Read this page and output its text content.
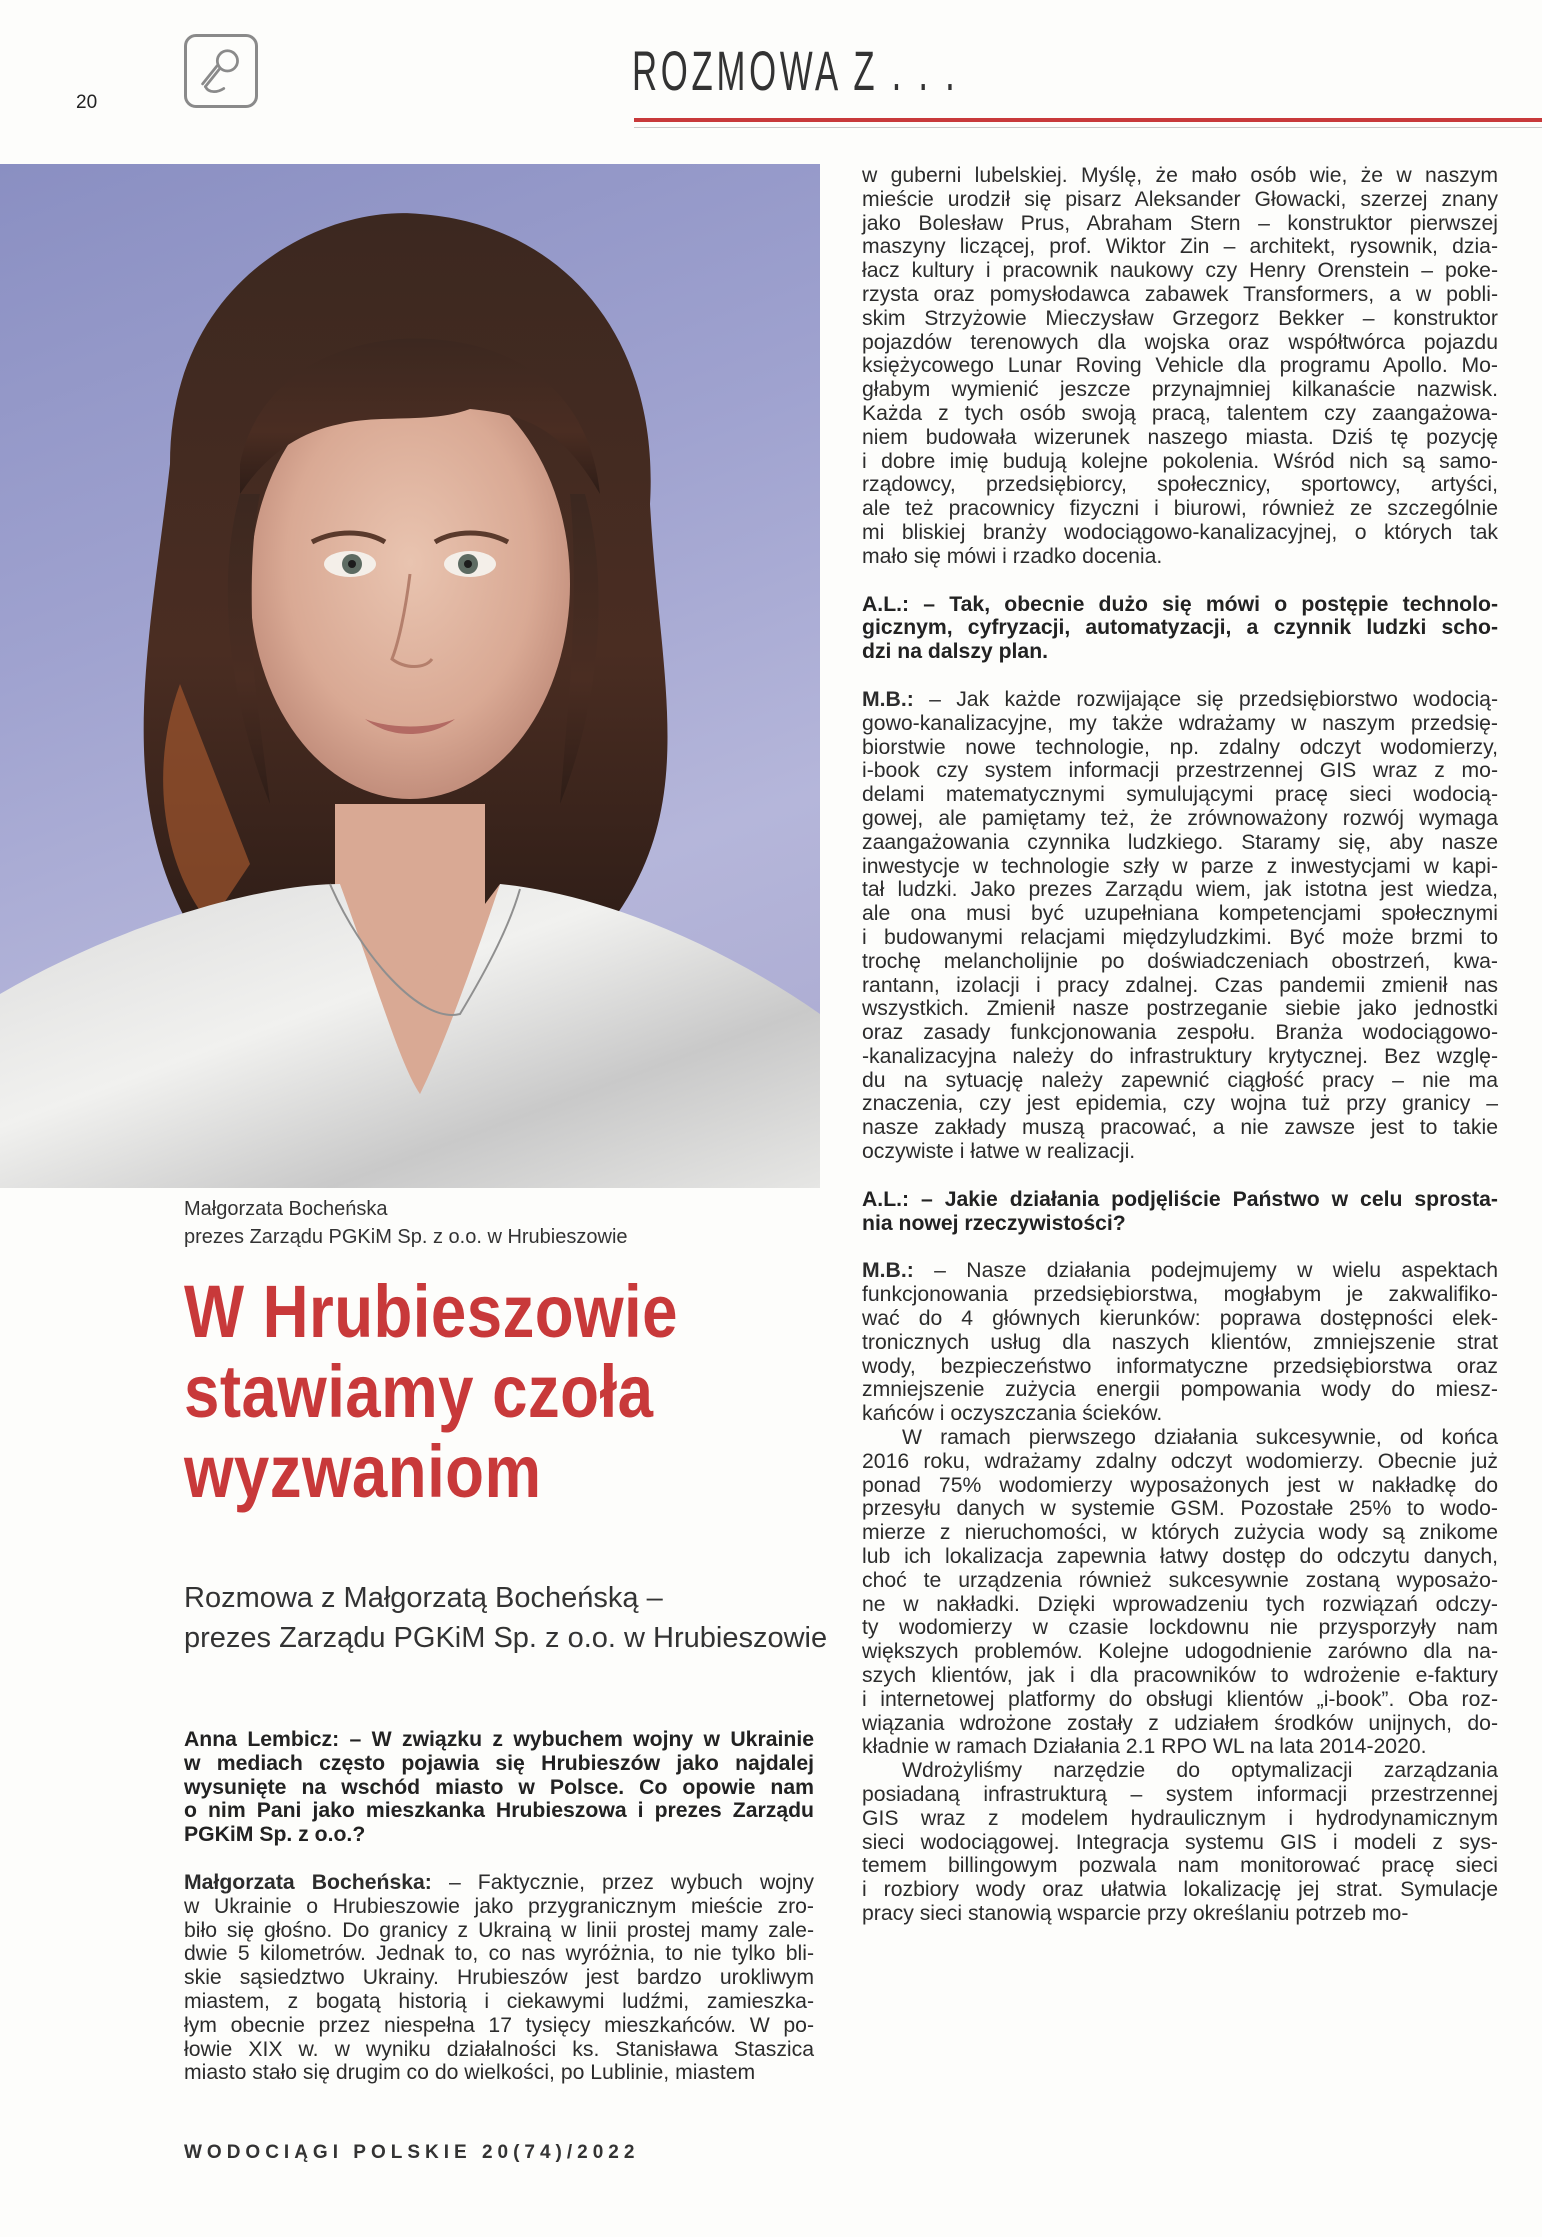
20
ROZMOWA Z . . .
Małgorzata Bocheńska
prezes Zarządu PGKiM Sp. z o.o. w Hrubieszowie
W Hrubieszowie
stawiamy czoła
wyzwaniom
Rozmowa z Małgorzatą Bocheńską –
prezes Zarządu PGKiM Sp. z o.o. w Hrubieszowie

Anna Lembicz: – W związku z wybuchem wojny w Ukrainie
w mediach często pojawia się Hrubieszów jako najdalej
wysunięte na wschód miasto w Polsce. Co opowie nam
o nim Pani jako mieszkanka Hrubieszowa i prezes Zarządu
PGKiM Sp. z o.o.?

Małgorzata Bocheńska: – Faktycznie, przez wybuch wojny
w Ukrainie o Hrubieszowie jako przygranicznym mieście zro-
biło się głośno. Do granicy z Ukrainą w linii prostej mamy zale-
dwie 5 kilometrów. Jednak to, co nas wyróżnia, to nie tylko bli-
skie sąsiedztwo Ukrainy. Hrubieszów jest bardzo urokliwym
miastem, z bogatą historią i ciekawymi ludźmi, zamieszka-
łym obecnie przez niespełna 17 tysięcy mieszkańców. W po-
łowie XIX w. w wyniku działalności ks. Stanisława Staszica
miasto stało się drugim co do wielkości, po Lublinie, miastem

w guberni lubelskiej. Myślę, że mało osób wie, że w naszym
mieście urodził się pisarz Aleksander Głowacki, szerzej znany
jako Bolesław Prus, Abraham Stern – konstruktor pierwszej
maszyny liczącej, prof. Wiktor Zin – architekt, rysownik, dzia-
łacz kultury i pracownik naukowy czy Henry Orenstein – poke-
rzysta oraz pomysłodawca zabawek Transformers, a w pobli-
skim Strzyżowie Mieczysław Grzegorz Bekker – konstruktor
pojazdów terenowych dla wojska oraz współtwórca pojazdu
księżycowego Lunar Roving Vehicle dla programu Apollo. Mo-
głabym wymienić jeszcze przynajmniej kilkanaście nazwisk.
Każda z tych osób swoją pracą, talentem czy zaangażowa-
niem budowała wizerunek naszego miasta. Dziś tę pozycję
i dobre imię budują kolejne pokolenia. Wśród nich są samo-
rządowcy, przedsiębiorcy, społecznicy, sportowcy, artyści,
ale też pracownicy fizyczni i biurowi, również ze szczególnie
mi bliskiej branży wodociągowo-kanalizacyjnej, o których tak
mało się mówi i rzadko docenia.

A.L.: – Tak, obecnie dużo się mówi o postępie technolo-
gicznym, cyfryzacji, automatyzacji, a czynnik ludzki scho-
dzi na dalszy plan.

M.B.: – Jak każde rozwijające się przedsiębiorstwo wodocią-
gowo-kanalizacyjne, my także wdrażamy w naszym przedsię-
biorstwie nowe technologie, np. zdalny odczyt wodomierzy,
i-book czy system informacji przestrzennej GIS wraz z mo-
delami matematycznymi symulującymi pracę sieci wodocią-
gowej, ale pamiętamy też, że zrównoważony rozwój wymaga
zaangażowania czynnika ludzkiego. Staramy się, aby nasze
inwestycje w technologie szły w parze z inwestycjami w kapi-
tał ludzki. Jako prezes Zarządu wiem, jak istotna jest wiedza,
ale ona musi być uzupełniana kompetencjami społecznymi
i budowanymi relacjami międzyludzkimi. Być może brzmi to
trochę melancholijnie po doświadczeniach obostrzeń, kwa-
rantann, izolacji i pracy zdalnej. Czas pandemii zmienił nas
wszystkich. Zmienił nasze postrzeganie siebie jako jednostki
oraz zasady funkcjonowania zespołu. Branża wodociągowo-
-kanalizacyjna należy do infrastruktury krytycznej. Bez wzglę-
du na sytuację należy zapewnić ciągłość pracy – nie ma
znaczenia, czy jest epidemia, czy wojna tuż przy granicy –
nasze zakłady muszą pracować, a nie zawsze jest to takie
oczywiste i łatwe w realizacji.

A.L.: – Jakie działania podjęliście Państwo w celu sprosta-
nia nowej rzeczywistości?

M.B.: – Nasze działania podejmujemy w wielu aspektach
funkcjonowania przedsiębiorstwa, mogłabym je zakwalifiko-
wać do 4 głównych kierunków: poprawa dostępności elek-
tronicznych usług dla naszych klientów, zmniejszenie strat
wody, bezpieczeństwo informatyczne przedsiębiorstwa oraz
zmniejszenie zużycia energii pompowania wody do miesz-
kańców i oczyszczania ścieków.
W ramach pierwszego działania sukcesywnie, od końca
2016 roku, wdrażamy zdalny odczyt wodomierzy. Obecnie już
ponad 75% wodomierzy wyposażonych jest w nakładkę do
przesyłu danych w systemie GSM. Pozostałe 25% to wodo-
mierze z nieruchomości, w których zużycia wody są znikome
lub ich lokalizacja zapewnia łatwy dostęp do odczytu danych,
choć te urządzenia również sukcesywnie zostaną wyposażo-
ne w nakładki. Dzięki wprowadzeniu tych rozwiązań odczy-
ty wodomierzy w czasie lockdownu nie przysporzyły nam
większych problemów. Kolejne udogodnienie zarówno dla na-
szych klientów, jak i dla pracowników to wdrożenie e-faktury
i internetowej platformy do obsługi klientów „i-book”. Oba roz-
wiązania wdrożone zostały z udziałem środków unijnych, do-
kładnie w ramach Działania 2.1 RPO WL na lata 2014-2020.
Wdrożyliśmy narzędzie do optymalizacji zarządzania
posiadaną infrastrukturą – system informacji przestrzennej
GIS wraz z modelem hydraulicznym i hydrodynamicznym
sieci wodociągowej. Integracja systemu GIS i modeli z sys-
temem billingowym pozwala nam monitorować pracę sieci
i rozbiory wody oraz ułatwia lokalizację jej strat. Symulacje
pracy sieci stanowią wsparcie przy określaniu potrzeb mo-

WODOCIĄGI POLSKIE 20(74)/2022
